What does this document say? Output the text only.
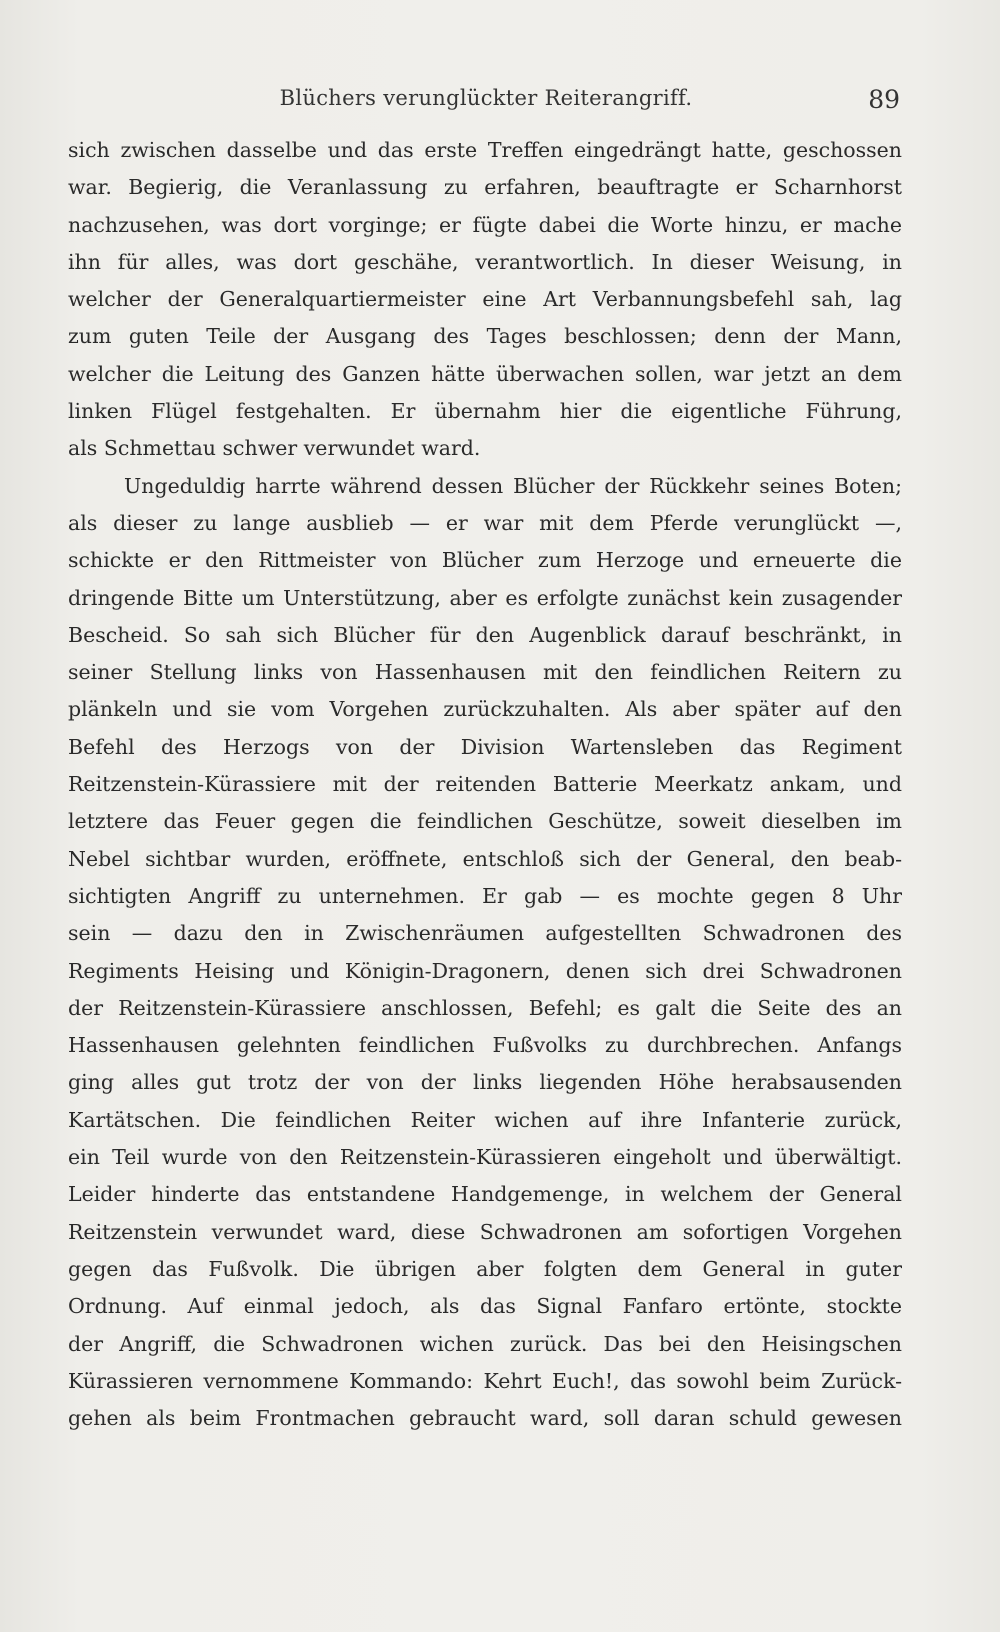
Blüchers verunglückter Reiterangriff.	89
sich zwischen dasselbe und das erste Treffen eingedrängt hatte, geschossen
war. Begierig, die Veranlassung zu erfahren, beauftragte er Scharnhorst
nachzusehen, was dort vorginge; er fügte dabei die Worte hinzu, er mache
ihn für alles, was dort geschähe, verantwortlich. In dieser Weisung, in
welcher der Generalquartiermeister eine Art Verbannungsbefehl sah, lag
zum guten Teile der Ausgang des Tages beschlossen; denn der Mann,
welcher die Leitung des Ganzen hätte überwachen sollen, war jetzt an dem
linken Flügel festgehalten. Er übernahm hier die eigentliche Führung,
als Schmettau schwer verwundet ward.
Ungeduldig harrte während dessen Blücher der Rückkehr seines Boten;
als dieser zu lange ausblieb — er war mit dem Pferde verunglückt —,
schickte er den Rittmeister von Blücher zum Herzoge und erneuerte die
dringende Bitte um Unterstützung, aber es erfolgte zunächst kein zusagender
Bescheid. So sah sich Blücher für den Augenblick darauf beschränkt, in
seiner Stellung links von Hassenhausen mit den feindlichen Reitern zu
plänkeln und sie vom Vorgehen zurückzuhalten. Als aber später auf den
Befehl des Herzogs von der Division Wartensleben das Regiment
Reitzenstein-Kürassiere mit der reitenden Batterie Meerkatz ankam, und
letztere das Feuer gegen die feindlichen Geschütze, soweit dieselben im
Nebel sichtbar wurden, eröffnete, entschloß sich der General, den beab-
sichtigten Angriff zu unternehmen. Er gab — es mochte gegen 8 Uhr
sein — dazu den in Zwischenräumen aufgestellten Schwadronen des
Regiments Heising und Königin-Dragonern, denen sich drei Schwadronen
der Reitzenstein-Kürassiere anschlossen, Befehl; es galt die Seite des an
Hassenhausen gelehnten feindlichen Fußvolks zu durchbrechen. Anfangs
ging alles gut trotz der von der links liegenden Höhe herabsausenden
Kartätschen. Die feindlichen Reiter wichen auf ihre Infanterie zurück,
ein Teil wurde von den Reitzenstein-Kürassieren eingeholt und überwältigt.
Leider hinderte das entstandene Handgemenge, in welchem der General
Reitzenstein verwundet ward, diese Schwadronen am sofortigen Vorgehen
gegen das Fußvolk. Die übrigen aber folgten dem General in guter
Ordnung. Auf einmal jedoch, als das Signal Fanfaro ertönte, stockte
der Angriff, die Schwadronen wichen zurück. Das bei den Heisingschen
Kürassieren vernommene Kommando: Kehrt Euch!, das sowohl beim Zurück-
gehen als beim Frontmachen gebraucht ward, soll daran schuld gewesen
